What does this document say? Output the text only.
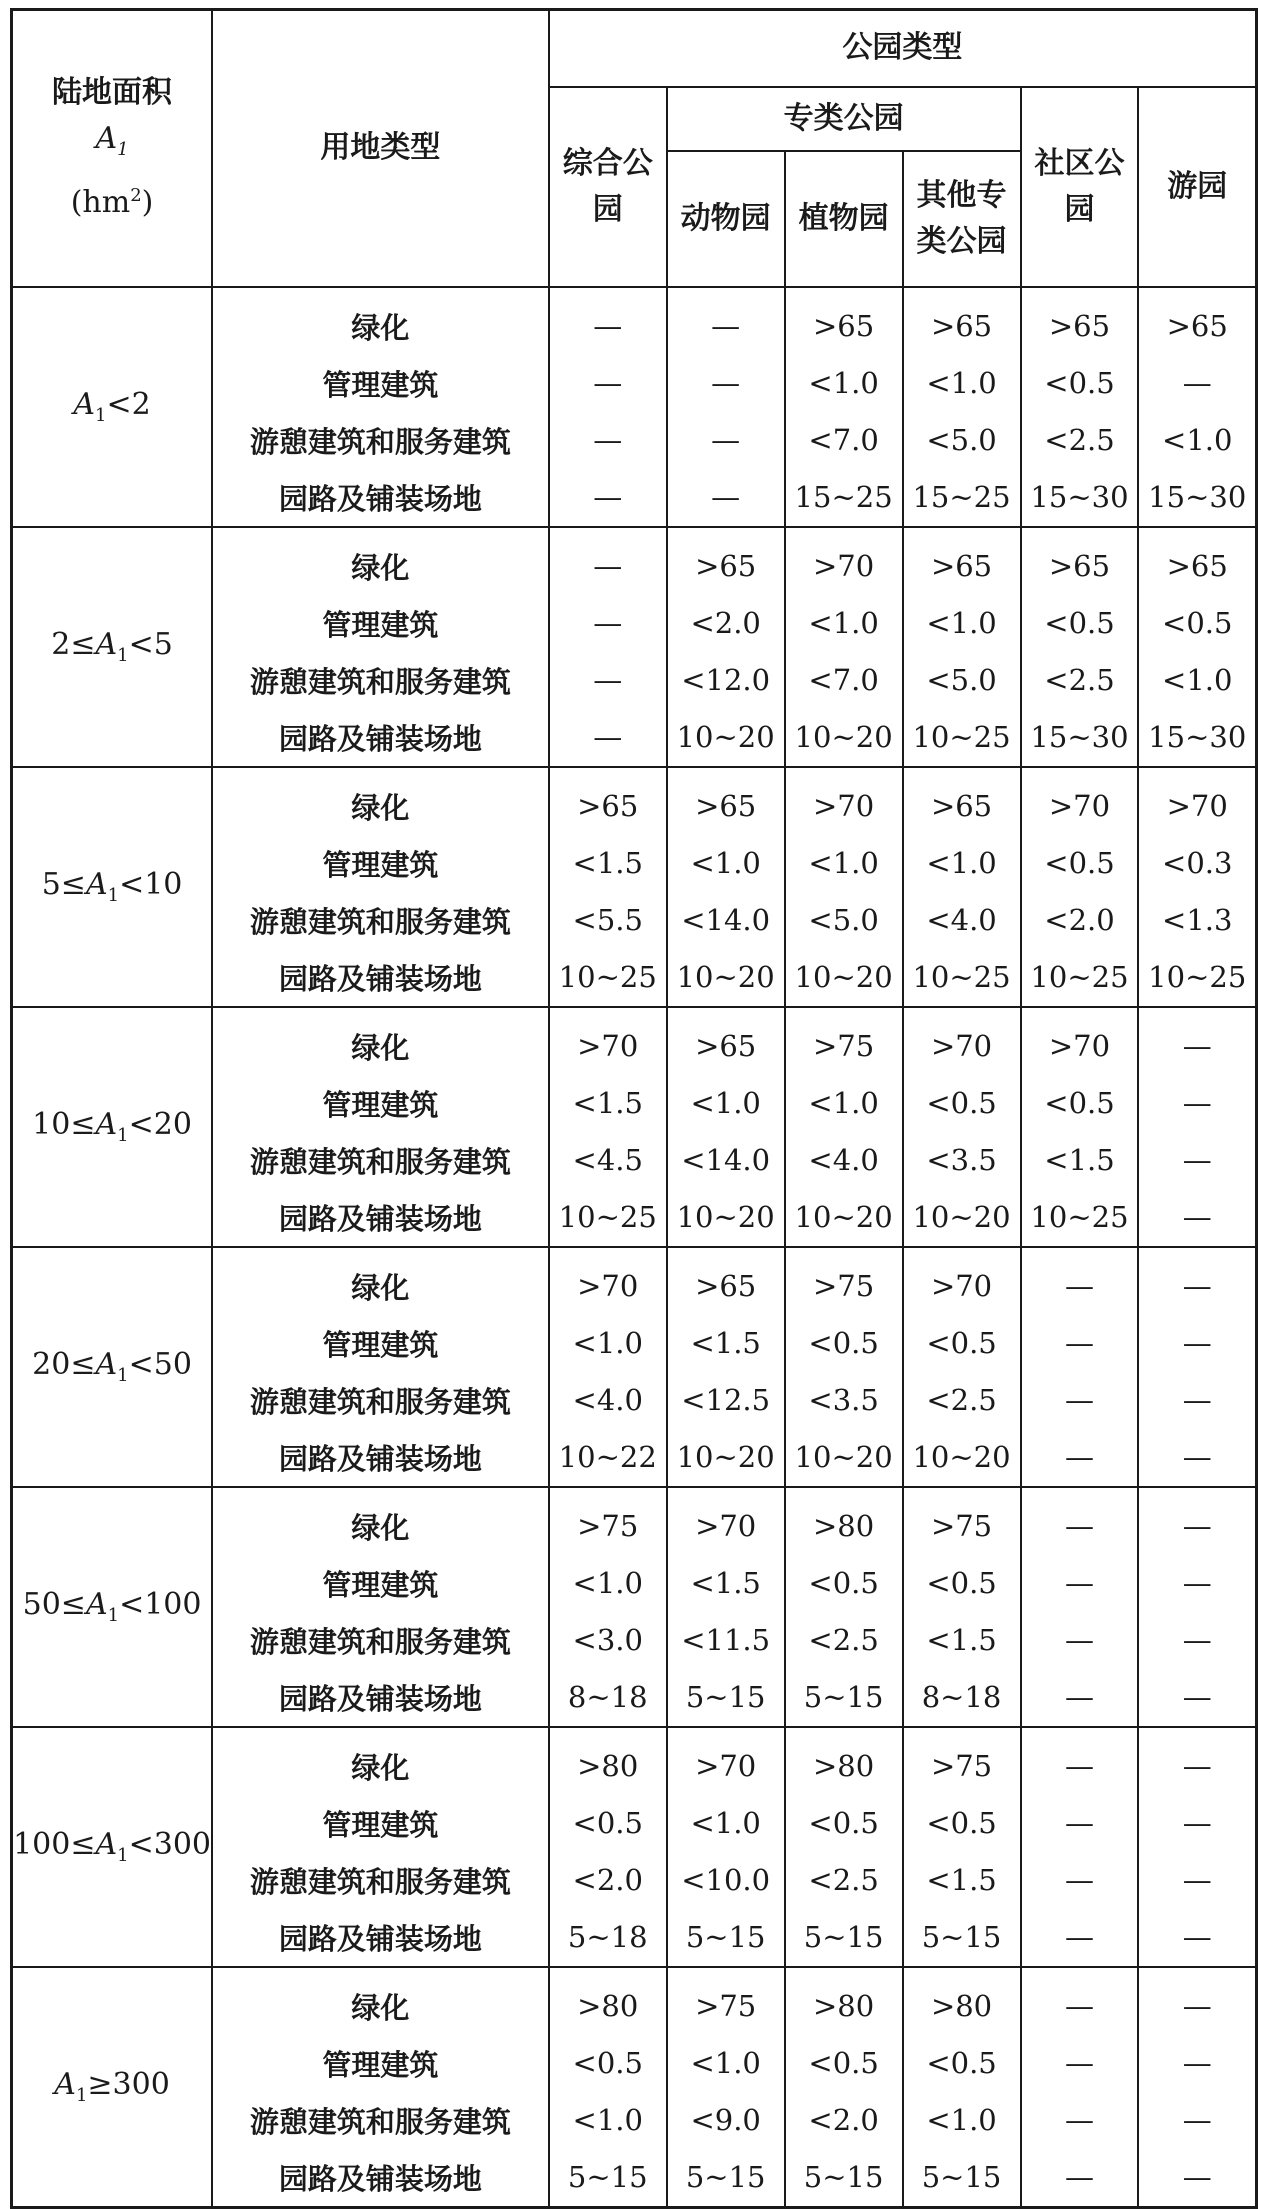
陆地面积
$A_1$
$(hm^2)$	用地类型	公园类型					
		综合公园	专类公园			社区公园	游园
			动物园	植物园	其他专类公园		
$A_1<2$	绿化	—	—	>65	>65	>65	>65
	管理建筑	—	—	<1.0	<1.0	<0.5	—
	游憩建筑和服务建筑	—	—	<7.0	<5.0	<2.5	<1.0
	园路及铺装场地	—	—	15~25	15~25	15~30	15~30
$2\le A_1<5$	绿化	—	>65	>70	>65	>65	>65
	管理建筑	—	<2.0	<1.0	<1.0	<0.5	<0.5
	游憩建筑和服务建筑	—	<12.0	<7.0	<5.0	<2.5	<1.0
	园路及铺装场地	—	10~20	10~20	10~25	15~30	15~30
$5\le A_1<10$	绿化	>65	>65	>70	>65	>70	>70
	管理建筑	<1.5	<1.0	<1.0	<1.0	<0.5	<0.3
	游憩建筑和服务建筑	<5.5	<14.0	<5.0	<4.0	<2.0	<1.3
	园路及铺装场地	10~25	10~20	10~20	10~25	10~25	10~25
$10\le A_1<20$	绿化	>70	>65	>75	>70	>70	—
	管理建筑	<1.5	<1.0	<1.0	<0.5	<0.5	—
	游憩建筑和服务建筑	<4.5	<14.0	<4.0	<3.5	<1.5	—
	园路及铺装场地	10~25	10~20	10~20	10~20	10~25	—
$20\le A_1<50$	绿化	>70	>65	>75	>70	—	—
	管理建筑	<1.0	<1.5	<0.5	<0.5	—	—
	游憩建筑和服务建筑	<4.0	<12.5	<3.5	<2.5	—	—
	园路及铺装场地	10~22	10~20	10~20	10~20	—	—
$50\le A_1<100$	绿化	>75	>70	>80	>75	—	—
	管理建筑	<1.0	<1.5	<0.5	<0.5	—	—
	游憩建筑和服务建筑	<3.0	<11.5	<2.5	<1.5	—	—
	园路及铺装场地	8~18	5~15	5~15	8~18	—	—
$100\le A_1<300$	绿化	>80	>70	>80	>75	—	—
	管理建筑	<0.5	<1.0	<0.5	<0.5	—	—
	游憩建筑和服务建筑	<2.0	<10.0	<2.5	<1.5	—	—
	园路及铺装场地	5~18	5~15	5~15	5~15	—	—
$A_1\ge 300$	绿化	>80	>75	>80	>80	—	—
	管理建筑	<0.5	<1.0	<0.5	<0.5	—	—
	游憩建筑和服务建筑	<1.0	<9.0	<2.0	<1.0	—	—
	园路及铺装场地	5~15	5~15	5~15	5~15	—	—
